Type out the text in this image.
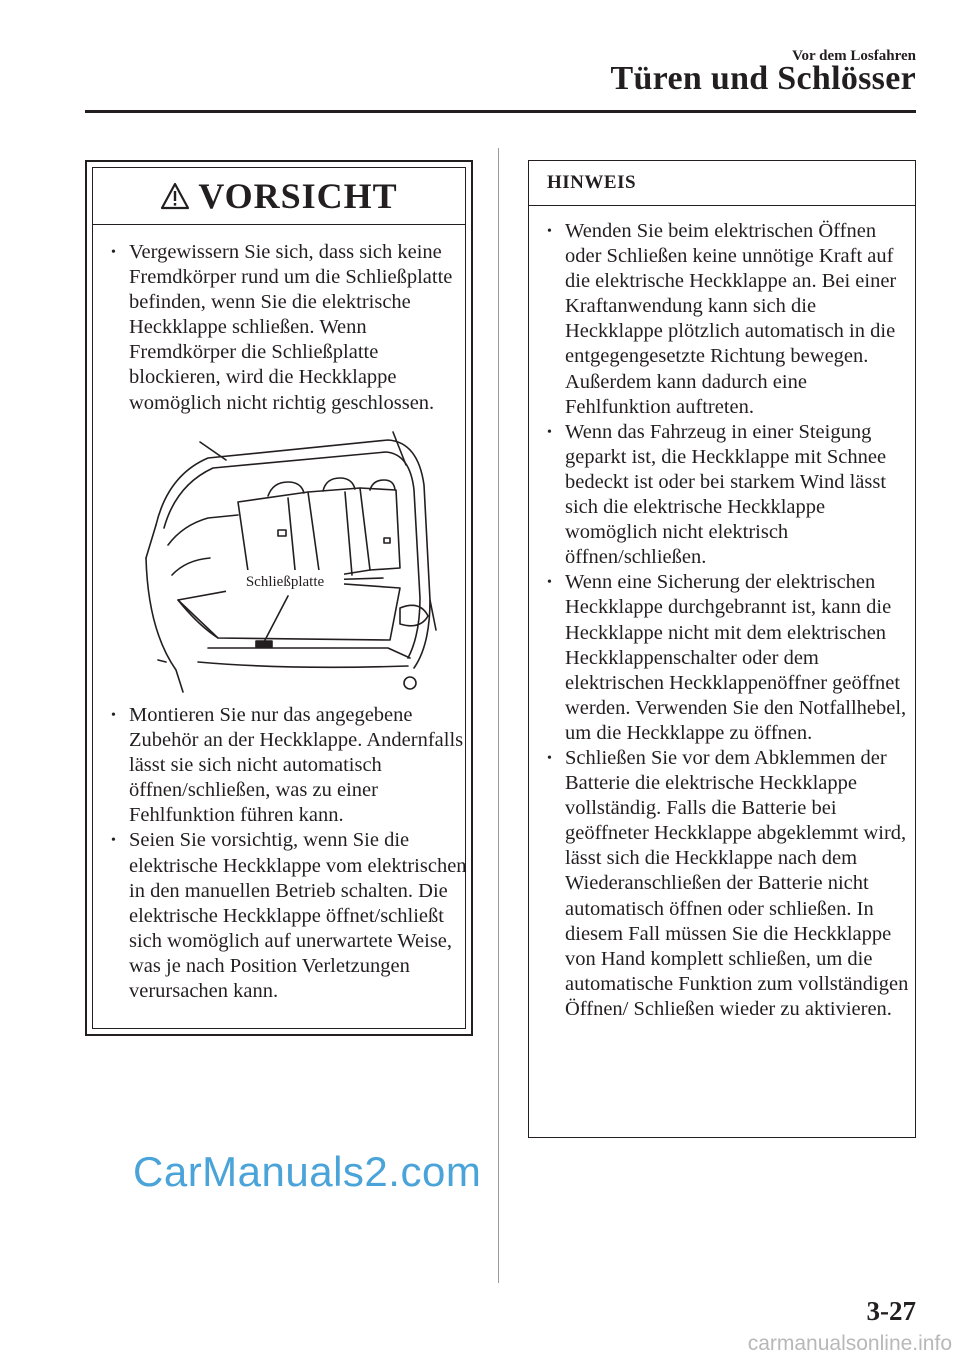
Vor dem Losfahren
Türen und Schlösser
VORSICHT
• Vergewissern Sie sich, dass sich keine Fremdkörper rund um die Schließplatte befinden, wenn Sie die elektrische Heckklappe schließen. Wenn Fremdkörper die Schließplatte blockieren, wird die Heckklappe womöglich nicht richtig geschlossen.
Schließplatte
• Montieren Sie nur das angegebene Zubehör an der Heckklappe. Andernfalls lässt sie sich nicht automatisch öffnen/schließen, was zu einer Fehlfunktion führen kann.
• Seien Sie vorsichtig, wenn Sie die elektrische Heckklappe vom elektrischen in den manuellen Betrieb schalten. Die elektrische Heckklappe öffnet/schließt sich womöglich auf unerwartete Weise, was je nach Position Verletzungen verursachen kann.
HINWEIS
• Wenden Sie beim elektrischen Öffnen oder Schließen keine unnötige Kraft auf die elektrische Heckklappe an. Bei einer Kraftanwendung kann sich die Heckklappe plötzlich automatisch in die entgegengesetzte Richtung bewegen. Außerdem kann dadurch eine Fehlfunktion auftreten.
• Wenn das Fahrzeug in einer Steigung geparkt ist, die Heckklappe mit Schnee bedeckt ist oder bei starkem Wind lässt sich die elektrische Heckklappe womöglich nicht elektrisch öffnen/schließen.
• Wenn eine Sicherung der elektrischen Heckklappe durchgebrannt ist, kann die Heckklappe nicht mit dem elektrischen Heckklappenschalter oder dem elektrischen Heckklappenöffner geöffnet werden. Verwenden Sie den Notfallhebel, um die Heckklappe zu öffnen.
• Schließen Sie vor dem Abklemmen der Batterie die elektrische Heckklappe vollständig. Falls die Batterie bei geöffneter Heckklappe abgeklemmt wird, lässt sich die Heckklappe nach dem Wiederanschließen der Batterie nicht automatisch öffnen oder schließen. In diesem Fall müssen Sie die Heckklappe von Hand komplett schließen, um die automatische Funktion zum vollständigen Öffnen/ Schließen wieder zu aktivieren.
CarManuals2.com
3-27
carmanualsonline.info
